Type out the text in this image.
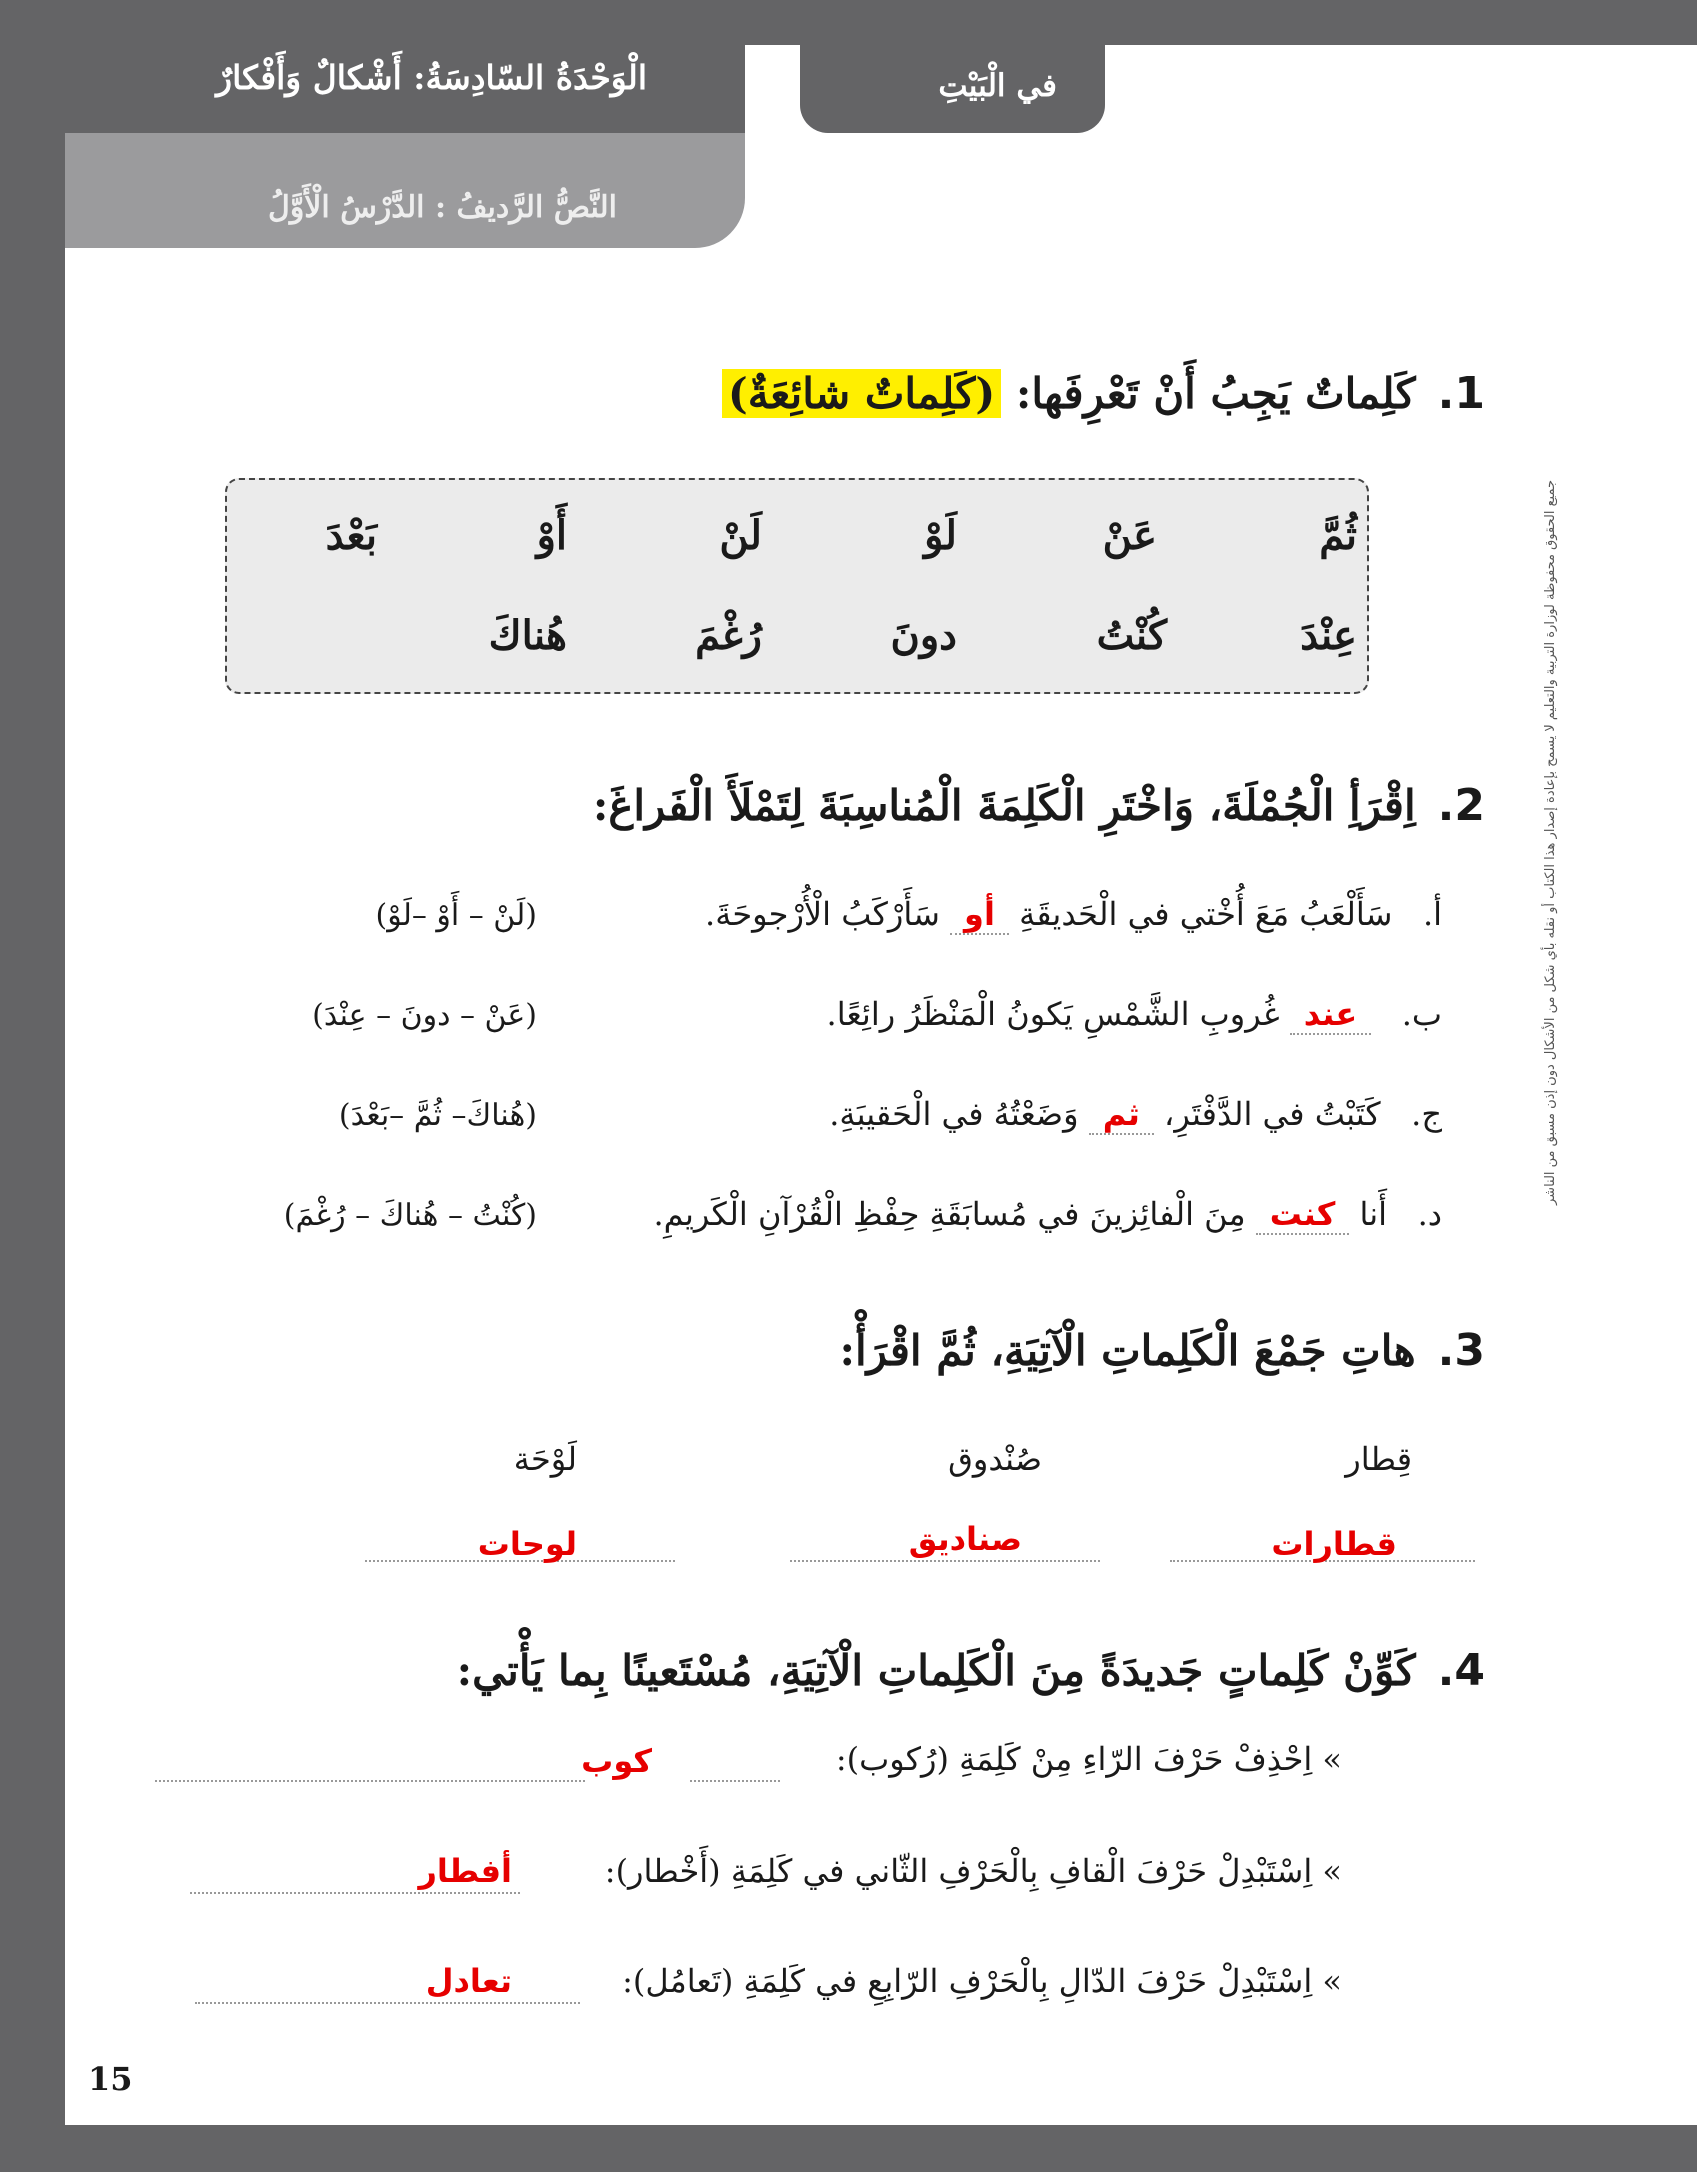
الْوَحْدَةُ السّادِسَةُ: أَشْكالٌ وَأَفْكارٌ
النَّصُّ الرَّديفُ : الدَّرْسُ الْأَوَّلُ
في الْبَيْتِ
1.كَلِماتٌ يَجِبُ أَنْ تَعْرِفَها: (كَلِماتٌ شائِعَةٌ)
ثُمَّ
عَنْ
لَوْ
لَنْ
أَوْ
بَعْدَ
عِنْدَ
كُنْتُ
دونَ
رُغْمَ
هُناكَ
2.اِقْرَأِ الْجُمْلَةَ، وَاخْتَرِ الْكَلِمَةَ الْمُناسِبَةَ لِتَمْلَأَ الْفَراغَ:
أ.   سَأَلْعَبُ مَعَ أُخْتي في الْحَديقَةِ أو سَأَرْكَبُ الْأُرْجوحَةَ.
(لَنْ – أَوْ –لَوْ)
ب.   عند غُروبِ الشَّمْسِ يَكونُ الْمَنْظَرُ رائِعًا.
(عَنْ – دونَ – عِنْدَ)
ج.   كَتَبْتُ في الدَّفْتَرِ، ثم وَضَعْتُهُ في الْحَقيبَةِ.
(هُناكَ– ثُمَّ –بَعْدَ)
د.   أَنا كنت مِنَ الْفائِزينَ في مُسابَقَةِ حِفْظِ الْقُرْآنِ الْكَريمِ.
(كُنْتُ – هُناكَ – رُغْمَ)
3.هاتِ جَمْعَ الْكَلِماتِ الْآتِيَةِ، ثُمَّ اقْرَأْ:
قِطار
صُنْدوق
لَوْحَة
قطارات
صناديق
لوحات
4.كَوِّنْ كَلِماتٍ جَديدَةً مِنَ الْكَلِماتِ الْآتِيَةِ، مُسْتَعينًا بِما يَأْتي:
» اِحْذِفْ حَرْفَ الرّاءِ مِنْ كَلِمَةِ (رُكوب):
كوب
» اِسْتَبْدِلْ حَرْفَ الْقافِ بِالْحَرْفِ الثّاني في كَلِمَةِ (أَخْطار):
أفطار
» اِسْتَبْدِلْ حَرْفَ الدّالِ بِالْحَرْفِ الرّابِعِ في كَلِمَةِ (تَعامُل):
تعادل
15
جميع الحقوق محفوظة لوزارة التربية والتعليم لا يسمح بإعادة إصدار هذا الكتاب أو نقله بأي شكل من الأشكال دون إذن مسبق من الناشر
